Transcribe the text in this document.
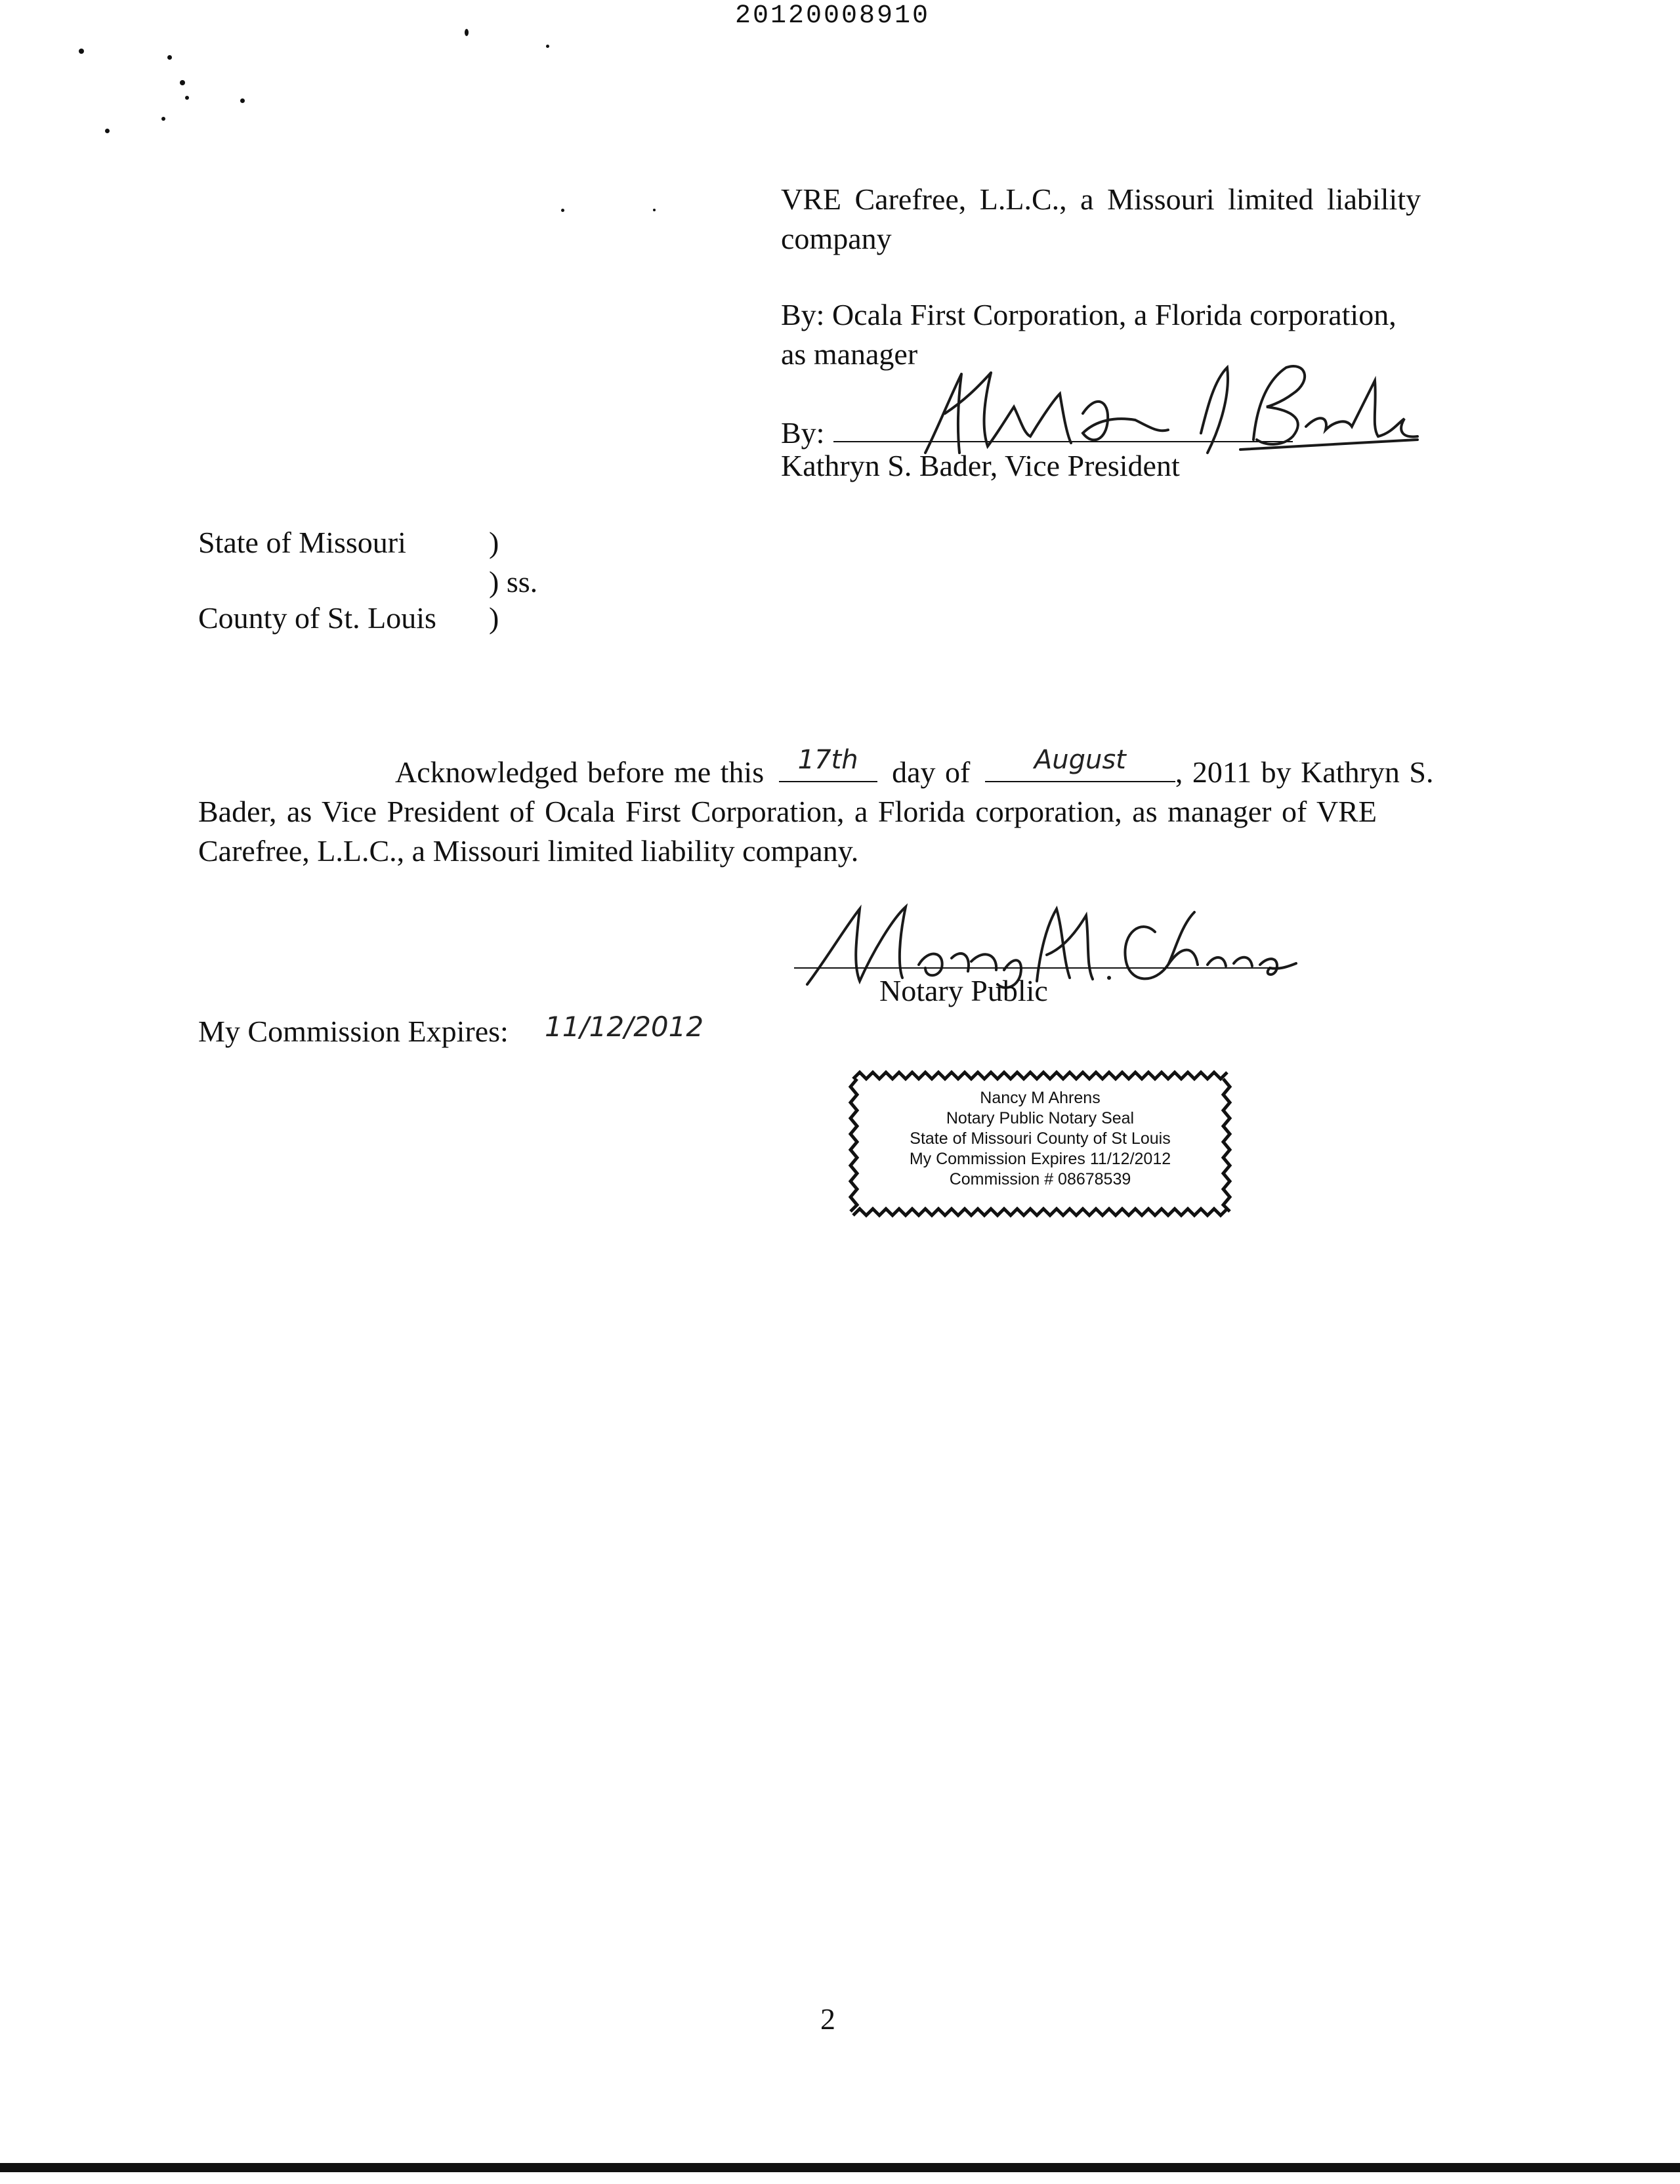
20120008910
VRE Carefree, L.L.C., a Missouri limited liability
company
By: Ocala First Corporation, a Florida corporation,
as manager
By:
Kathryn S. Bader, Vice President
State of Missouri	)
) ss.
County of St. Louis )
Acknowledged before me this	17th	day of	August	, 2011 by Kathryn S.
Bader, as Vice President of Ocala First Corporation, a Florida corporation, as manager of VRE
Carefree, L.L.C., a Missouri limited liability company.
Notary Public
My Commission Expires: 11/12/2012
Nancy M Ahrens
Notary Public Notary Seal
State of Missouri County of St Louis
My Commission Expires 11/12/2012
Commission # 08678539
2
